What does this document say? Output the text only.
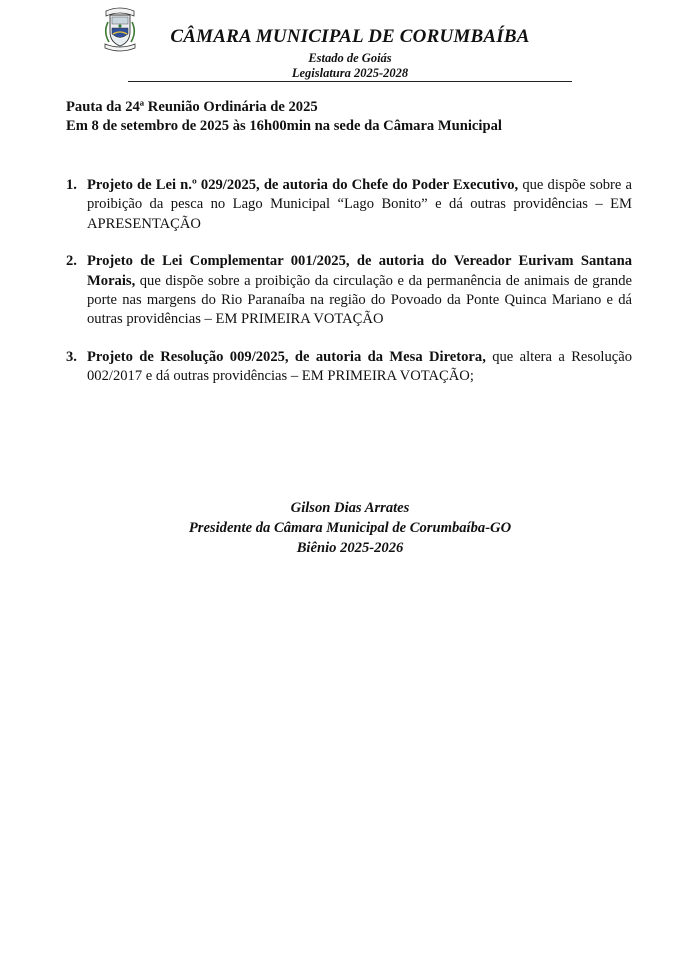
CÂMARA MUNICIPAL DE CORUMBAÍBA
Estado de Goiás
Legislatura 2025-2028
Pauta da 24ª Reunião Ordinária de 2025
Em 8 de setembro de 2025 às 16h00min na sede da Câmara Municipal
1. Projeto de Lei n.º 029/2025, de autoria do Chefe do Poder Executivo, que dispõe sobre a proibição da pesca no Lago Municipal “Lago Bonito” e dá outras providências – EM APRESENTAÇÃO
2. Projeto de Lei Complementar 001/2025, de autoria do Vereador Eurivam Santana Morais, que dispõe sobre a proibição da circulação e da permanência de animais de grande porte nas margens do Rio Paranaíba na região do Povoado da Ponte Quinca Mariano e dá outras providências – EM PRIMEIRA VOTAÇÃO
3. Projeto de Resolução 009/2025, de autoria da Mesa Diretora, que altera a Resolução 002/2017 e dá outras providências – EM PRIMEIRA VOTAÇÃO;
Gilson Dias Arrates
Presidente da Câmara Municipal de Corumbaíba-GO
Biênio 2025-2026
